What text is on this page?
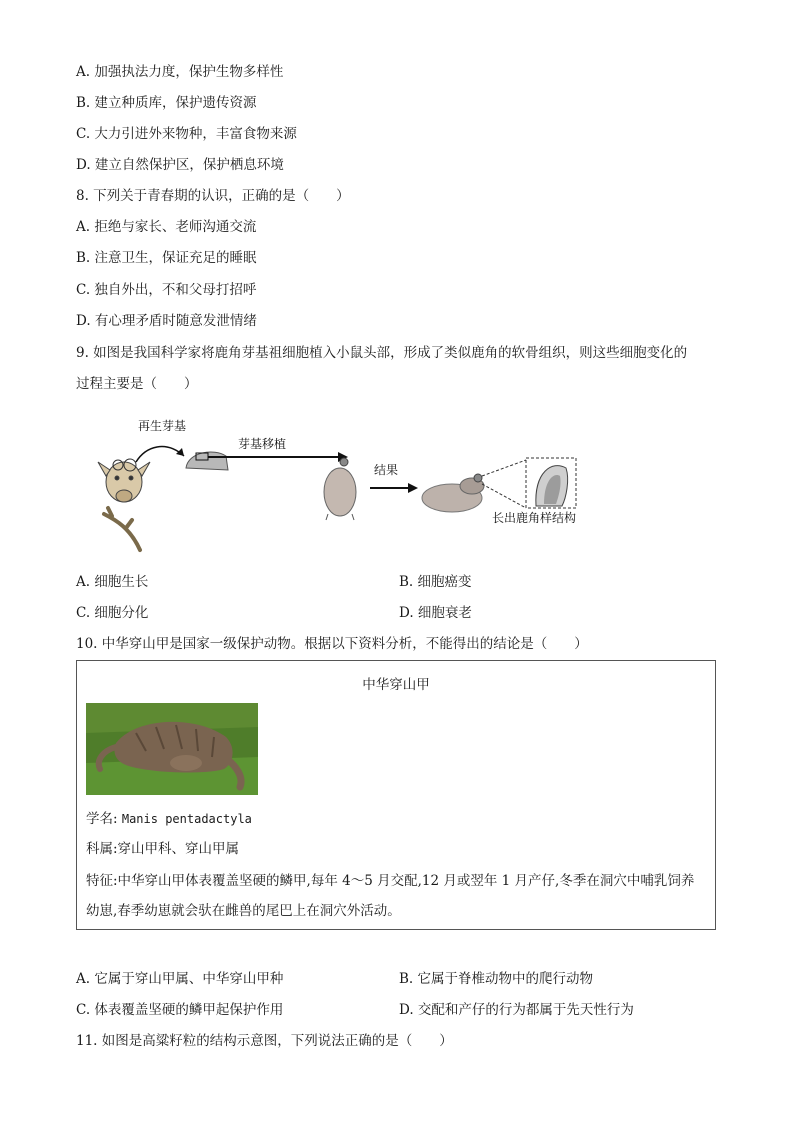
A. 加强执法力度，保护生物多样性
B. 建立种质库，保护遗传资源
C. 大力引进外来物种，丰富食物来源
D. 建立自然保护区，保护栖息环境
8. 下列关于青春期的认识，正确的是（　　）
A. 拒绝与家长、老师沟通交流
B. 注意卫生，保证充足的睡眠
C. 独自外出，不和父母打招呼
D. 有心理矛盾时随意发泄情绪
9. 如图是我国科学家将鹿角芽基祖细胞植入小鼠头部，形成了类似鹿角的软骨组织，则这些细胞变化的
过程主要是（　　）
再生芽基
芽基移植
结果
长出鹿角样结构
A. 细胞生长	B. 细胞癌变
C. 细胞分化	D. 细胞衰老
10. 中华穿山甲是国家一级保护动物。根据以下资料分析，不能得出的结论是（　　）
中华穿山甲
学名: Manis pentadactyla
科属:穿山甲科、穿山甲属
特征:中华穿山甲体表覆盖坚硬的鳞甲,每年 4～5 月交配,12 月或翌年 1 月产仔,冬季在洞穴中哺乳饲养
幼崽,春季幼崽就会驮在雌兽的尾巴上在洞穴外活动。
A. 它属于穿山甲属、中华穿山甲种	B. 它属于脊椎动物中的爬行动物
C. 体表覆盖坚硬的鳞甲起保护作用	D. 交配和产仔的行为都属于先天性行为
11. 如图是高粱籽粒的结构示意图，下列说法正确的是（　　）
